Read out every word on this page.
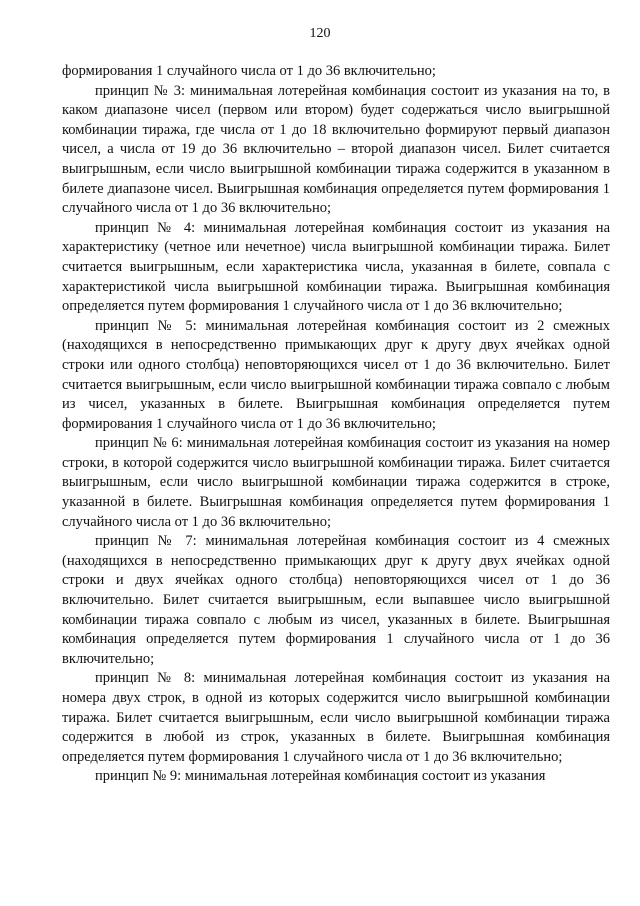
120

формирования 1 случайного числа от 1 до 36 включительно;

принцип № 3: минимальная лотерейная комбинация состоит из указания на то, в каком диапазоне чисел (первом или втором) будет содержаться число выигрышной комбинации тиража, где числа от 1 до 18 включительно формируют первый диапазон чисел, а числа от 19 до 36 включительно – второй диапазон чисел. Билет считается выигрышным, если число выигрышной комбинации тиража содержится в указанном в билете диапазоне чисел. Выигрышная комбинация определяется путем формирования 1 случайного числа от 1 до 36 включительно;

принцип № 4: минимальная лотерейная комбинация состоит из указания на характеристику (четное или нечетное) числа выигрышной комбинации тиража. Билет считается выигрышным, если характеристика числа, указанная в билете, совпала с характеристикой числа выигрышной комбинации тиража. Выигрышная комбинация определяется путем формирования 1 случайного числа от 1 до 36 включительно;

принцип № 5: минимальная лотерейная комбинация состоит из 2 смежных (находящихся в непосредственно примыкающих друг к другу двух ячейках одной строки или одного столбца) неповторяющихся чисел от 1 до 36 включительно. Билет считается выигрышным, если число выигрышной комбинации тиража совпало с любым из чисел, указанных в билете. Выигрышная комбинация определяется путем формирования 1 случайного числа от 1 до 36 включительно;

принцип № 6: минимальная лотерейная комбинация состоит из указания на номер строки, в которой содержится число выигрышной комбинации тиража. Билет считается выигрышным, если число выигрышной комбинации тиража содержится в строке, указанной в билете. Выигрышная комбинация определяется путем формирования 1 случайного числа от 1 до 36 включительно;

принцип № 7: минимальная лотерейная комбинация состоит из 4 смежных (находящихся в непосредственно примыкающих друг к другу двух ячейках одной строки и двух ячейках одного столбца) неповторяющихся чисел от 1 до 36 включительно. Билет считается выигрышным, если выпавшее число выигрышной комбинации тиража совпало с любым из чисел, указанных в билете. Выигрышная комбинация определяется путем формирования 1 случайного числа от 1 до 36 включительно;

принцип № 8: минимальная лотерейная комбинация состоит из указания на номера двух строк, в одной из которых содержится число выигрышной комбинации тиража. Билет считается выигрышным, если число выигрышной комбинации тиража содержится в любой из строк, указанных в билете. Выигрышная комбинация определяется путем формирования 1 случайного числа от 1 до 36 включительно;

принцип № 9: минимальная лотерейная комбинация состоит из указания
